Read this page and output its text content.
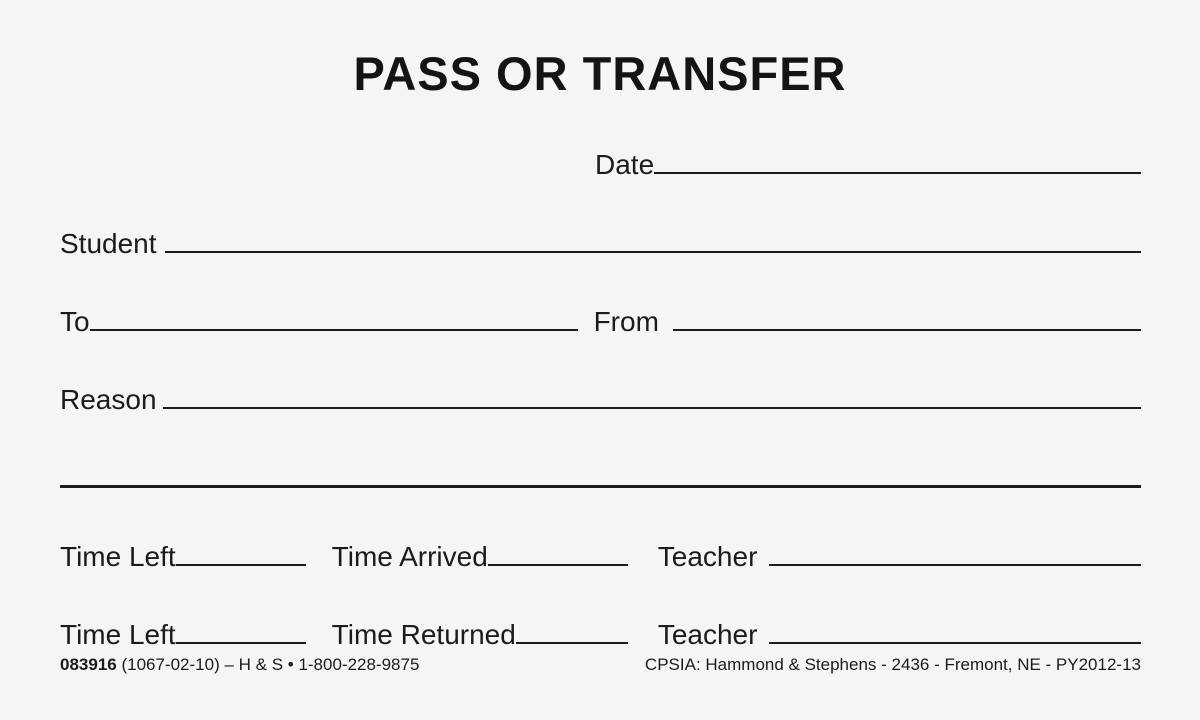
PASS OR TRANSFER
Date
Student
To	From
Reason
Time Left	Time Arrived	Teacher
Time Left	Time Returned	Teacher
083916 (1067-02-10) – H & S • 1-800-228-9875	CPSIA: Hammond & Stephens - 2436 - Fremont, NE - PY2012-13
